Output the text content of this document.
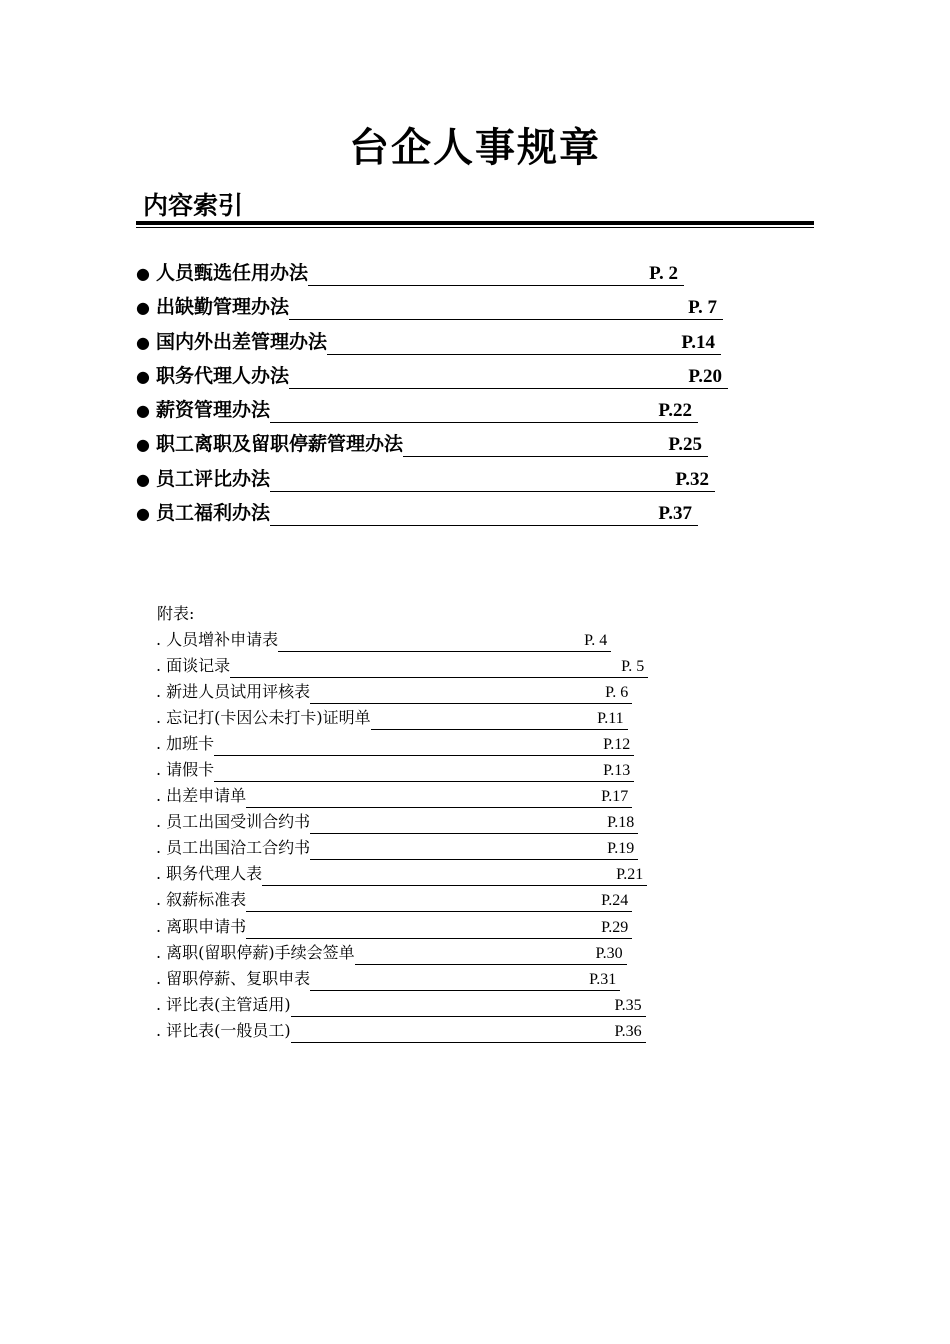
台企人事规章
内容索引
● 人员甄选任用办法	P. 2
● 出缺勤管理办法	P. 7
● 国内外出差管理办法	P.14
● 职务代理人办法	P.20
● 薪资管理办法	P.22
● 职工离职及留职停薪管理办法	P.25
● 员工评比办法	P.32
● 员工福利办法	P.37
附表:
. 人员增补申请表	P. 4
. 面谈记录	P. 5
. 新进人员试用评核表	P. 6
. 忘记打(卡因公未打卡)证明单	P.11
. 加班卡	P.12
. 请假卡	P.13
. 出差申请单	P.17
. 员工出国受训合约书	P.18
. 员工出国洽工合约书	P.19
. 职务代理人表	P.21
. 叙薪标准表	P.24
. 离职申请书	P.29
. 离职(留职停薪)手续会签单	P.30
. 留职停薪、复职申表	P.31
. 评比表(主管适用)	P.35
. 评比表(一般员工)	P.36
